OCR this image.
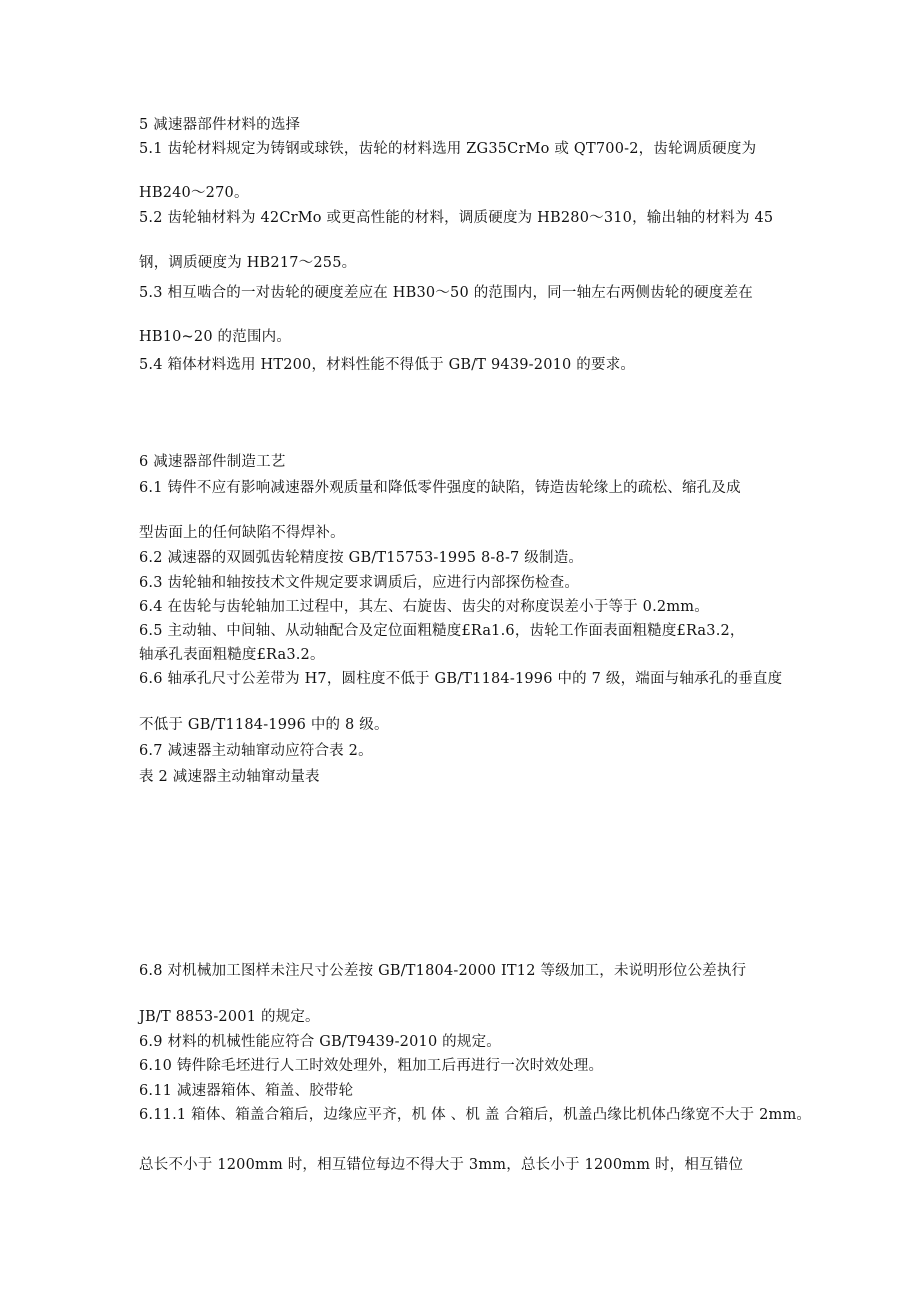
5 减速器部件材料的选择
5.1 齿轮材料规定为铸钢或球铁，齿轮的材料选用 ZG35CrMo 或 QT700-2，齿轮调质硬度为
HB240～270。
5.2 齿轮轴材料为 42CrMo 或更高性能的材料，调质硬度为 HB280～310，输出轴的材料为 45
钢，调质硬度为 HB217～255。
5.3 相互啮合的一对齿轮的硬度差应在 HB30～50 的范围内，同一轴左右两侧齿轮的硬度差在
HB10~20 的范围内。
5.4 箱体材料选用 HT200，材料性能不得低于 GB/T 9439-2010 的要求。
6 减速器部件制造工艺
6.1 铸件不应有影响减速器外观质量和降低零件强度的缺陷，铸造齿轮缘上的疏松、缩孔及成
型齿面上的任何缺陷不得焊补。
6.2 减速器的双圆弧齿轮精度按 GB/T15753-1995 8-8-7 级制造。
6.3 齿轮轴和轴按技术文件规定要求调质后，应进行内部探伤检查。
6.4 在齿轮与齿轮轴加工过程中，其左、右旋齿、齿尖的对称度误差小于等于 0.2mm。
6.5 主动轴、中间轴、从动轴配合及定位面粗糙度£Ra1.6，齿轮工作面表面粗糙度£Ra3.2，
轴承孔表面粗糙度£Ra3.2。
6.6 轴承孔尺寸公差带为 H7，圆柱度不低于 GB/T1184-1996 中的 7 级，端面与轴承孔的垂直度
不低于 GB/T1184-1996 中的 8 级。
6.7 减速器主动轴窜动应符合表 2。
表 2 减速器主动轴窜动量表
6.8 对机械加工图样未注尺寸公差按 GB/T1804-2000 IT12 等级加工，未说明形位公差执行
JB/T 8853-2001 的规定。
6.9 材料的机械性能应符合 GB/T9439-2010 的规定。
6.10 铸件除毛坯进行人工时效处理外，粗加工后再进行一次时效处理。
6.11 减速器箱体、箱盖、胶带轮
6.11.1 箱体、箱盖合箱后，边缘应平齐，机 体 、机 盖 合箱后，机盖凸缘比机体凸缘宽不大于 2mm。
总长不小于 1200mm 时，相互错位每边不得大于 3mm，总长小于 1200mm 时，相互错位
